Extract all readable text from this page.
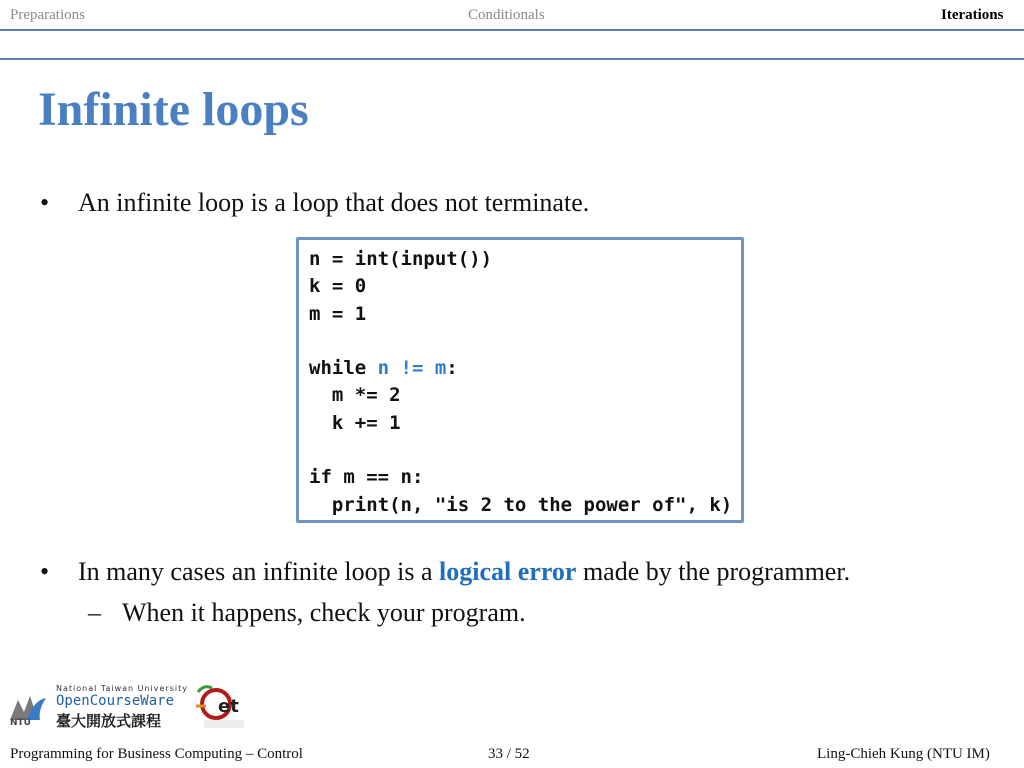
Preparations	Conditionals	Iterations
Infinite loops
• An infinite loop is a loop that does not terminate.
n = int(input())
k = 0
m = 1

while n != m:
m *= 2
k += 1

if m == n:
print(n, "is 2 to the power of", k)
• In many cases an infinite loop is a logical error made by the programmer.
– When it happens, check your program.
NTU
National Taiwan University
OpenCourseWare
臺大開放式課程
et
Programming for Business Computing – Control	33 / 52	Ling-Chieh Kung (NTU IM)
